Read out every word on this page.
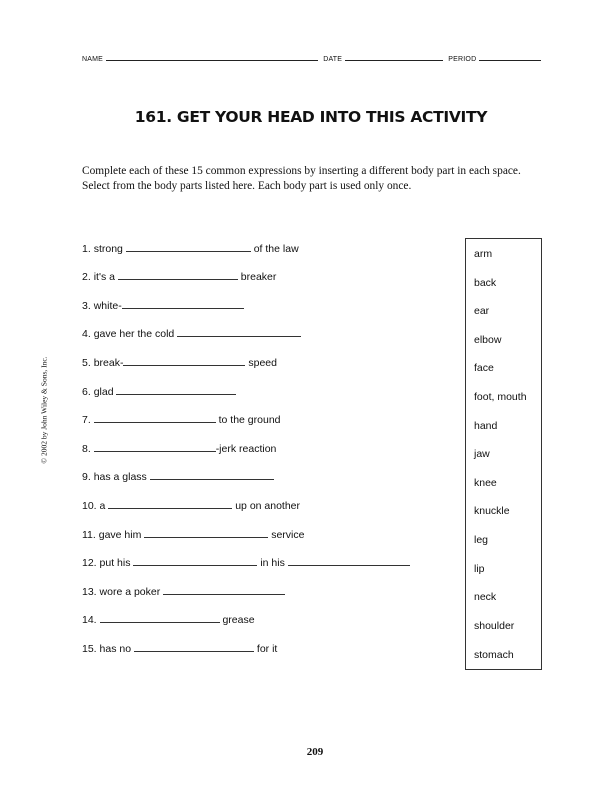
NAME	DATE	PERIOD
161. GET YOUR HEAD INTO THIS ACTIVITY
Complete each of these 15 common expressions by inserting a different body part in each space. Select from the body parts listed here. Each body part is used only once.
© 2002 by John Wiley & Sons, Inc.
1. strong	of the law
2. it's a	breaker
3. white-
4. gave her the cold
5. break-	speed
6. glad
7.	to the ground
8.	-jerk reaction
9. has a glass
10. a	up on another
11. gave him	service
12. put his	in his
13. wore a poker
14.	grease
15. has no	for it
arm
back
ear
elbow
face
foot, mouth
hand
jaw
knee
knuckle
leg
lip
neck
shoulder
stomach
209
